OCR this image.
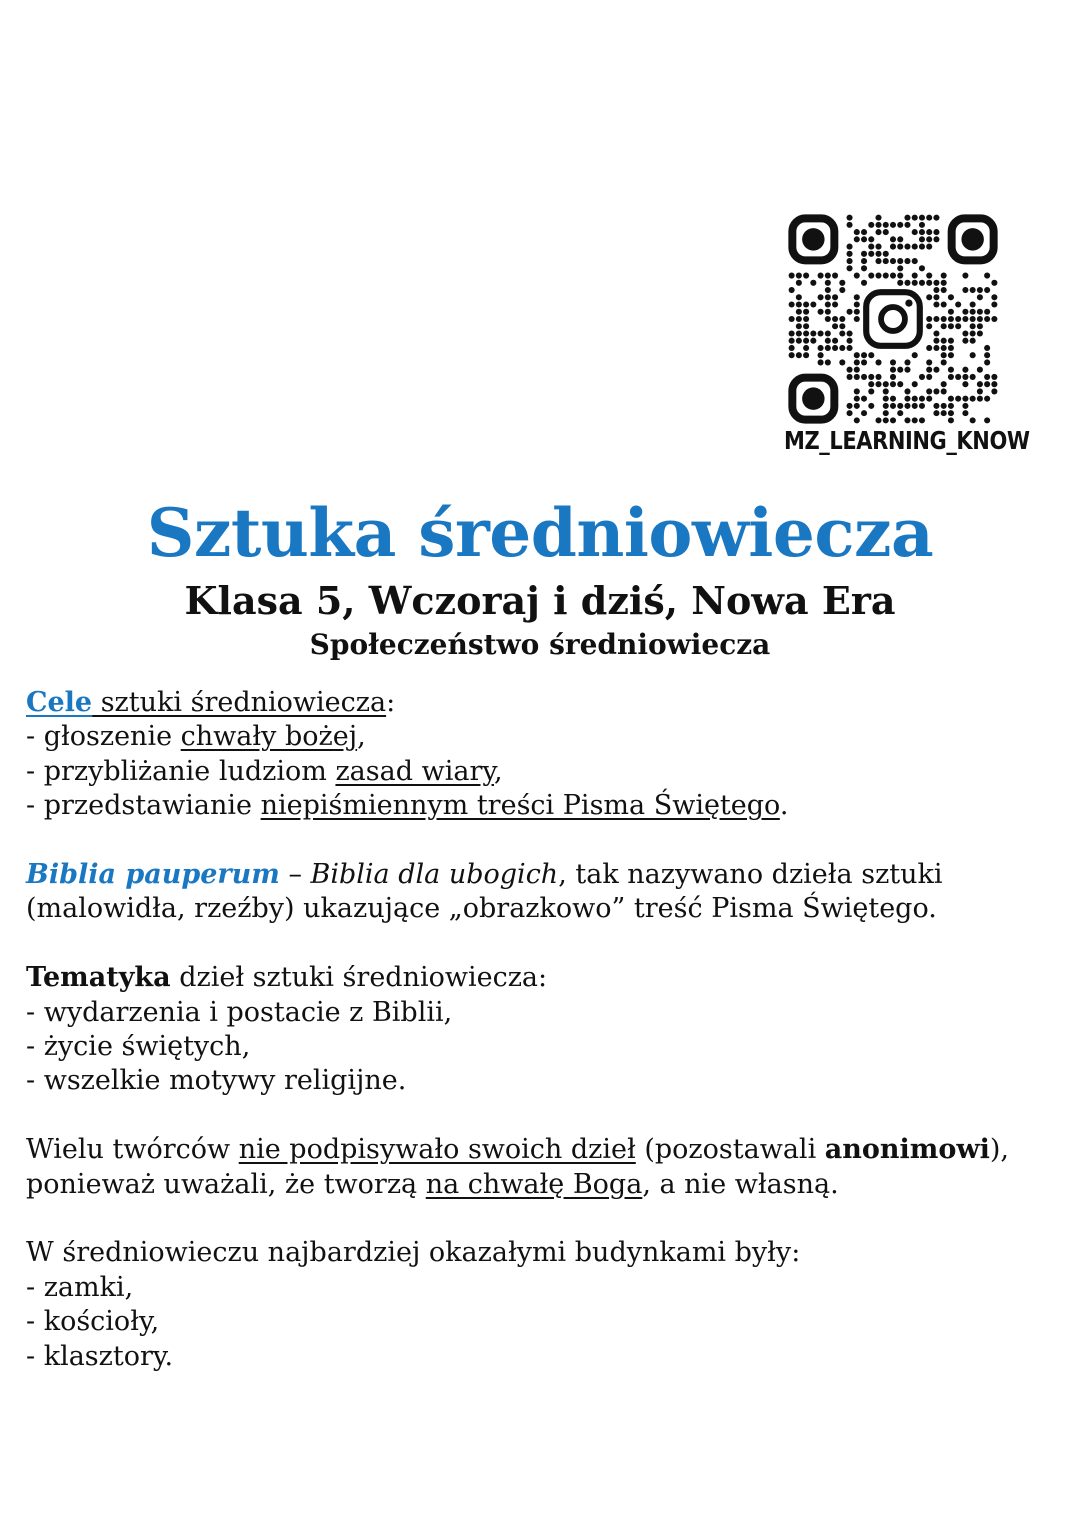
MZ_LEARNING_KNOW
Sztuka średniowiecza
Klasa 5, Wczoraj i dziś, Nowa Era
Społeczeństwo średniowiecza

Cele sztuki średniowiecza:

- głoszenie chwały bożej,

- przybliżanie ludziom zasad wiary,

- przedstawianie niepiśmiennym treści Pisma Świętego.

Biblia pauperum – Biblia dla ubogich, tak nazywano dzieła sztuki

(malowidła, rzeźby) ukazujące „obrazkowo” treść Pisma Świętego.

Tematyka dzieł sztuki średniowiecza:

- wydarzenia i postacie z Biblii,

- życie świętych,

- wszelkie motywy religijne.

Wielu twórców nie podpisywało swoich dzieł (pozostawali anonimowi),

ponieważ uważali, że tworzą na chwałę Boga, a nie własną.

W średniowieczu najbardziej okazałymi budynkami były:

- zamki,

- kościoły,

- klasztory.
